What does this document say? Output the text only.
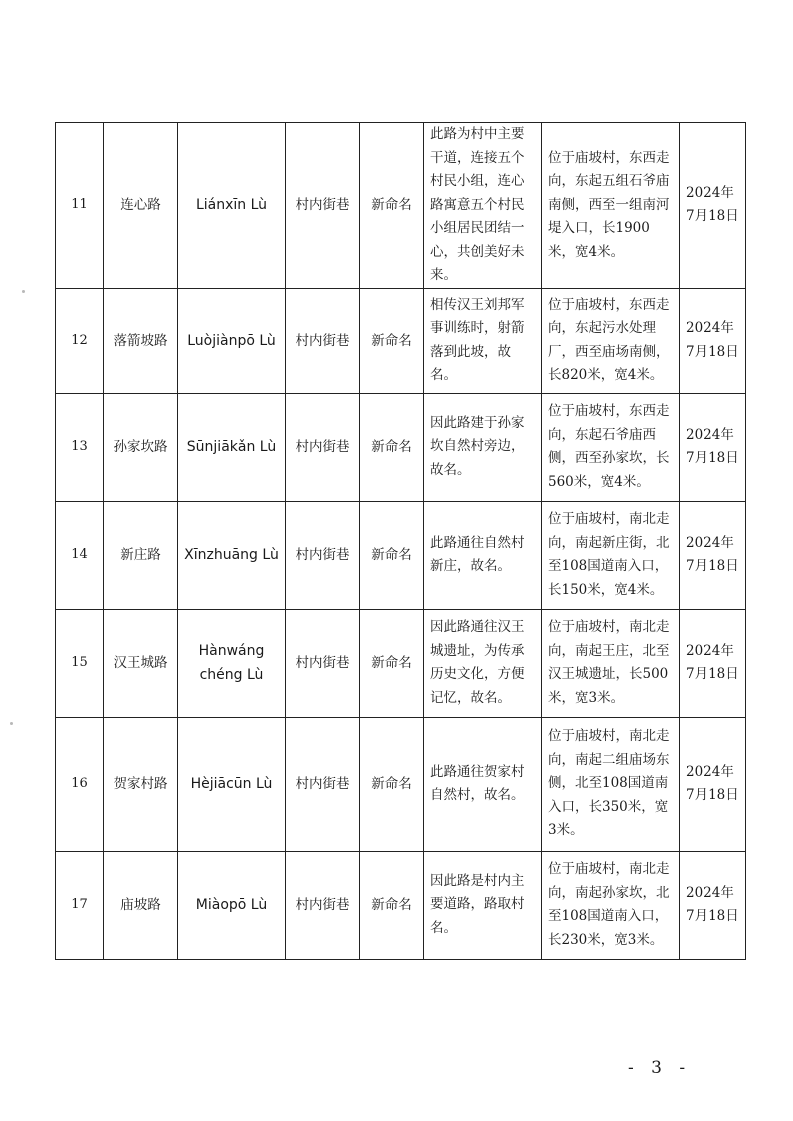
11	连心路	Liánxīn Lù	村内街巷	新命名	此路为村中主要干道，连接五个村民小组，连心路寓意五个村民小组居民团结一心，共创美好未来。	位于庙坡村，东西走向，东起五组石爷庙南侧，西至一组南河堤入口，长1900米，宽4米。	2024年7月18日
12	落箭坡路	Luòjiànpō Lù	村内街巷	新命名	相传汉王刘邦军事训练时，射箭落到此坡，故名。	位于庙坡村，东西走向，东起污水处理厂，西至庙场南侧，长820米，宽4米。	2024年7月18日
13	孙家坎路	Sūnjiākǎn Lù	村内街巷	新命名	因此路建于孙家坎自然村旁边，故名。	位于庙坡村，东西走向，东起石爷庙西侧，西至孙家坎，长560米，宽4米。	2024年7月18日
14	新庄路	Xīnzhuāng Lù	村内街巷	新命名	此路通往自然村新庄，故名。	位于庙坡村，南北走向，南起新庄街，北至108国道南入口，长150米，宽4米。	2024年7月18日
15	汉王城路	Hànwáng chéng Lù	村内街巷	新命名	因此路通往汉王城遗址，为传承历史文化，方便记忆，故名。	位于庙坡村，南北走向，南起王庄，北至汉王城遗址，长500米，宽3米。	2024年7月18日
16	贺家村路	Hèjiācūn Lù	村内街巷	新命名	此路通往贺家村自然村，故名。	位于庙坡村，南北走向，南起二组庙场东侧，北至108国道南入口，长350米，宽3米。	2024年7月18日
17	庙坡路	Miàopō Lù	村内街巷	新命名	因此路是村内主要道路，路取村名。	位于庙坡村，南北走向，南起孙家坎，北至108国道南入口，长230米，宽3米。	2024年7月18日
- 3 -
